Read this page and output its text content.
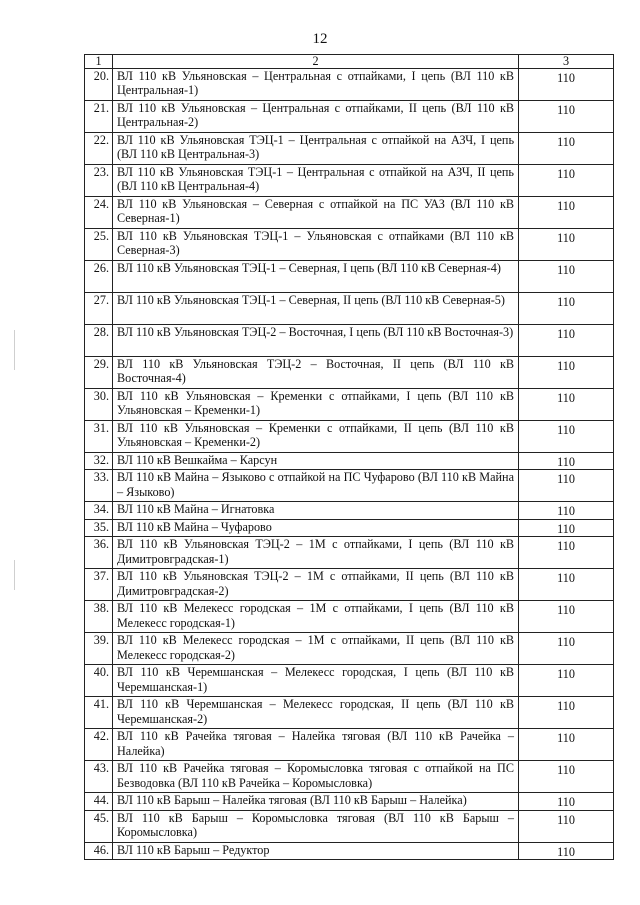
12
1	2	3
20.	ВЛ 110 кВ Ульяновская – Центральная с отпайками, I цепь (ВЛ 110 кВ Центральная-1)	110
21.	ВЛ 110 кВ Ульяновская – Центральная с отпайками, II цепь (ВЛ 110 кВ Центральная-2)	110
22.	ВЛ 110 кВ Ульяновская ТЭЦ-1 – Центральная с отпайкой на АЗЧ, I цепь (ВЛ 110 кВ Центральная-3)	110
23.	ВЛ 110 кВ Ульяновская ТЭЦ-1 – Центральная с отпайкой на АЗЧ, II цепь (ВЛ 110 кВ Центральная-4)	110
24.	ВЛ 110 кВ Ульяновская – Северная с отпайкой на ПС УАЗ (ВЛ 110 кВ Северная-1)	110
25.	ВЛ 110 кВ Ульяновская ТЭЦ-1 – Ульяновская с отпайками (ВЛ 110 кВ Северная-3)	110
26.	ВЛ 110 кВ Ульяновская ТЭЦ-1 – Северная, I цепь (ВЛ 110 кВ Северная-4)	110
27.	ВЛ 110 кВ Ульяновская ТЭЦ-1 – Северная, II цепь (ВЛ 110 кВ Северная-5)	110
28.	ВЛ 110 кВ Ульяновская ТЭЦ-2 – Восточная, I цепь (ВЛ 110 кВ Восточная-3)	110
29.	ВЛ 110 кВ Ульяновская ТЭЦ-2 – Восточная, II цепь (ВЛ 110 кВ Восточная-4)	110
30.	ВЛ 110 кВ Ульяновская – Кременки с отпайками, I цепь (ВЛ 110 кВ Ульяновская – Кременки-1)	110
31.	ВЛ 110 кВ Ульяновская – Кременки с отпайками, II цепь (ВЛ 110 кВ Ульяновская – Кременки-2)	110
32.	ВЛ 110 кВ Вешкайма – Карсун	110
33.	ВЛ 110 кВ Майна – Языково с отпайкой на ПС Чуфарово (ВЛ 110 кВ Майна – Языково)	110
34.	ВЛ 110 кВ Майна – Игнатовка	110
35.	ВЛ 110 кВ Майна – Чуфарово	110
36.	ВЛ 110 кВ Ульяновская ТЭЦ-2 – 1М с отпайками, I цепь (ВЛ 110 кВ Димитровградская-1)	110
37.	ВЛ 110 кВ Ульяновская ТЭЦ-2 – 1М с отпайками, II цепь (ВЛ 110 кВ Димитровградская-2)	110
38.	ВЛ 110 кВ Мелекесс городская – 1М с отпайками, I цепь (ВЛ 110 кВ Мелекесс городская-1)	110
39.	ВЛ 110 кВ Мелекесс городская – 1М с отпайками, II цепь (ВЛ 110 кВ Мелекесс городская-2)	110
40.	ВЛ 110 кВ Черемшанская – Мелекесс городская, I цепь (ВЛ 110 кВ Черемшанская-1)	110
41.	ВЛ 110 кВ Черемшанская – Мелекесс городская, II цепь (ВЛ 110 кВ Черемшанская-2)	110
42.	ВЛ 110 кВ Рачейка тяговая – Налейка тяговая (ВЛ 110 кВ Рачейка – Налейка)	110
43.	ВЛ 110 кВ Рачейка тяговая – Коромысловка тяговая с отпайкой на ПС Безводовка (ВЛ 110 кВ Рачейка – Коромысловка)	110
44.	ВЛ 110 кВ Барыш – Налейка тяговая (ВЛ 110 кВ Барыш – Налейка)	110
45.	ВЛ 110 кВ Барыш – Коромысловка тяговая (ВЛ 110 кВ Барыш – Коромысловка)	110
46.	ВЛ 110 кВ Барыш – Редуктор	110
